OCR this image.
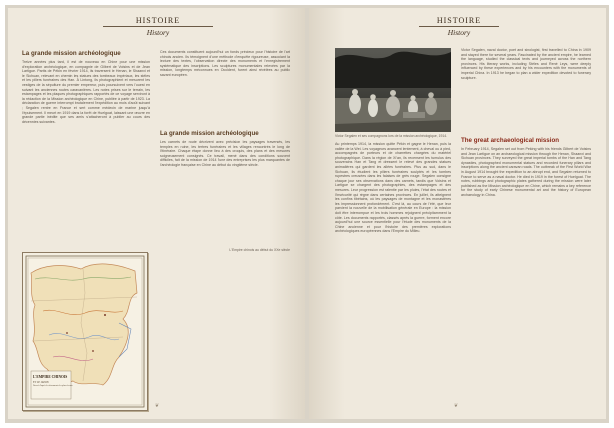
HISTOIRE
History
La grande mission archéologique
Treize années plus tard, il est de nouveau en Chine pour une mission d'exploration archéologique, en compagnie de Gilbert de Voisins et de Jean Lartigue. Partis de Pékin en février 1914, ils traversent le Henan, le Shaanxi et le Sichuan, relevant en chemin les statues des tombeaux impériaux, les stèles et les piliers funéraires des Han. À Lintong, ils photographient et mesurent les vestiges de la sépulture du premier empereur, puis poursuivent vers l'ouest en suivant les anciennes routes caravanières. Les notes prises sur le terrain, les estampages et les plaques photographiques rapportés de ce voyage serviront à la rédaction de la Mission archéologique en Chine, publiée à partir de 1923. La déclaration de guerre interrompt brutalement l'expédition au mois d'août suivant ; Segalen rentre en France et sert comme médecin de marine jusqu'à l'épuisement. Il meurt en 1919 dans la forêt de Huelgoat, laissant une œuvre en grande partie inédite que ses amis s'attacheront à publier au cours des décennies suivantes.
Ces documents constituent aujourd'hui un fonds précieux pour l'histoire de l'art chinois ancien. Ils témoignent d'une méthode d'enquête rigoureuse, associant la lecture des textes, l'observation directe des monuments et l'enregistrement systématique des inscriptions. Les sculptures monumentales relevées par la mission, longtemps méconnues en Occident, furent ainsi révélées au public savant européen.
La grande mission archéologique
Les carnets de route décrivent avec précision les paysages traversés, les temples en ruine, les tertres funéraires et les villages rencontrés le long de l'itinéraire. Chaque étape donne lieu à des croquis, des plans et des mesures soigneusement consignés. Ce travail, mené dans des conditions souvent difficiles, fait de la mission de 1914 l'une des entreprises les plus marquantes de l'archéologie française en Chine au début du vingtième siècle.
L'Empire chinois au début du XXe siècle
L'EMPIRE CHINOIS
ET LE JAPON
Dressé d'après les documents les plus récents
❦
HISTOIRE
History
Victor Segalen et ses compagnons lors de la mission archéologique, 1914.
Au printemps 1914, la mission quitte Pékin et gagne le Henan, puis la vallée de la Wei. Les voyageurs avancent lentement, à cheval ou à pied, accompagnés de porteurs et de charrettes chargées du matériel photographique. Dans la région de Xi'an, ils recensent les tumulus des souverains Han et Tang et dressent le relevé des grandes statues animalières qui gardent les allées funéraires. Plus au sud, dans le Sichuan, ils étudient les piliers funéraires sculptés et les tombes rupestres creusées dans les falaises de grès rouge. Segalen consigne chaque jour ses observations dans des carnets, tandis que Voisins et Lartigue se chargent des photographies, des estampages et des mesures. Leur progression est ralentie par les pluies, l'état des routes et l'insécurité qui règne dans certaines provinces. En juillet, ils atteignent les confins tibétains, où les paysages de montagne et les monastères les impressionnent profondément. C'est là, au cours de l'été, que leur parvient la nouvelle de la mobilisation générale en Europe : la mission doit être interrompue et les trois hommes rejoignent précipitamment la côte. Les documents rapportés, classés après la guerre, forment encore aujourd'hui une source essentielle pour l'étude des monuments de la Chine ancienne et pour l'histoire des premières explorations archéologiques européennes dans l'Empire du Milieu.
Victor Segalen, naval doctor, poet and sinologist, first travelled to China in 1909 and stayed there for several years. Fascinated by the ancient empire, he learned the language, studied the classical texts and journeyed across the northern provinces. His literary works, including Stèles and René Leys, were deeply influenced by these experiences and by his encounters with the monuments of imperial China. In 1913 he began to plan a wider expedition devoted to funerary sculpture.
The great archaeological mission
In February 1914, Segalen set out from Peking with his friends Gilbert de Voisins and Jean Lartigue on an archaeological mission through the Henan, Shaanxi and Sichuan provinces. They surveyed the great imperial tombs of the Han and Tang dynasties, photographed monumental statues and recorded funerary pillars and inscriptions along the ancient caravan roads. The outbreak of the First World War in August 1914 brought the expedition to an abrupt end, and Segalen returned to France to serve as a naval doctor. He died in 1919 in the forest of Huelgoat. The notes, rubbings and photographic plates gathered during the mission were later published as the Mission archéologique en Chine, which remains a key reference for the study of early Chinese monumental art and the history of European archaeology in China.
❦
